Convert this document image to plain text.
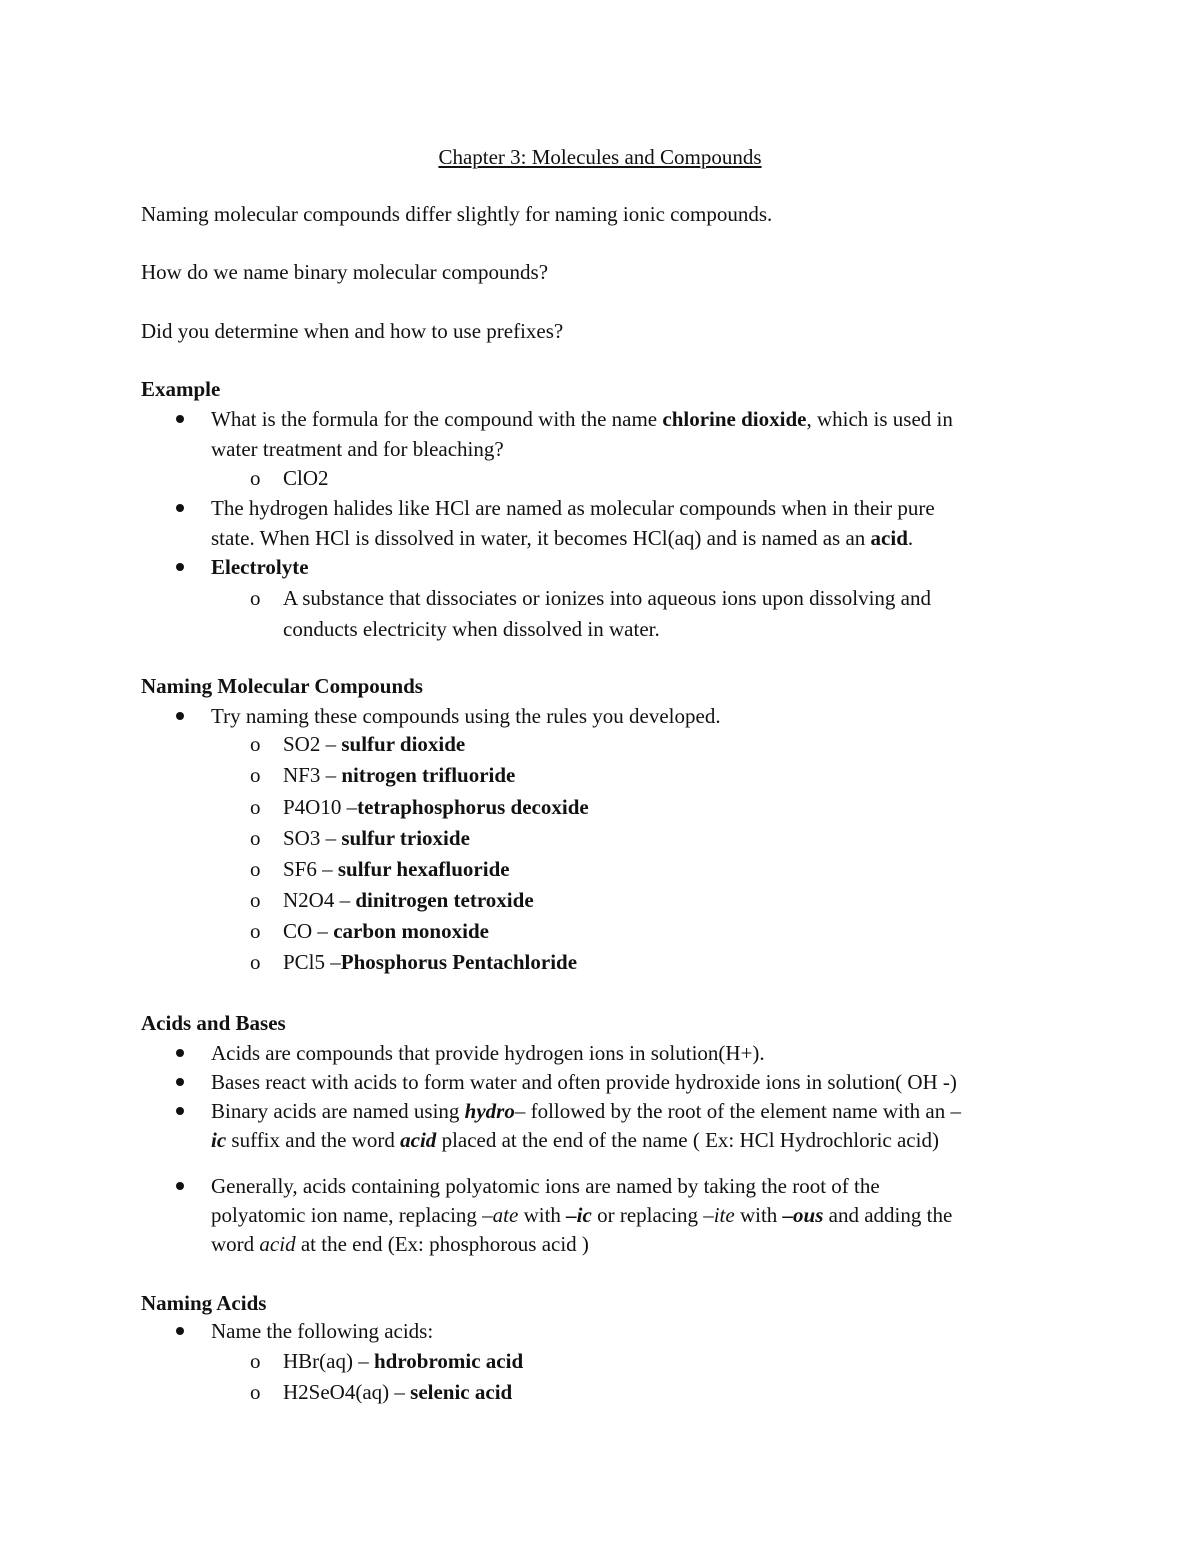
Chapter 3: Molecules and Compounds
Naming molecular compounds differ slightly for naming ionic compounds.
How do we name binary molecular compounds?
Did you determine when and how to use prefixes?
Example
What is the formula for the compound with the name chlorine dioxide, which is used in
water treatment and for bleaching?
o ClO2
The hydrogen halides like HCl are named as molecular compounds when in their pure
state. When HCl is dissolved in water, it becomes HCl(aq) and is named as an acid.
Electrolyte
o A substance that dissociates or ionizes into aqueous ions upon dissolving and
conducts electricity when dissolved in water.
Naming Molecular Compounds
Try naming these compounds using the rules you developed.
o SO2 – sulfur dioxide
o NF3 – nitrogen trifluoride
o P4O10 –tetraphosphorus decoxide
o SO3 – sulfur trioxide
o SF6 – sulfur hexafluoride
o N2O4 – dinitrogen tetroxide
o CO – carbon monoxide
o PCl5 –Phosphorus Pentachloride
Acids and Bases
Acids are compounds that provide hydrogen ions in solution(H+).
Bases react with acids to form water and often provide hydroxide ions in solution( OH -)
Binary acids are named using hydro– followed by the root of the element name with an –
ic suffix and the word acid placed at the end of the name ( Ex: HCl Hydrochloric acid)
Generally, acids containing polyatomic ions are named by taking the root of the
polyatomic ion name, replacing –ate with –ic or replacing –ite with –ous and adding the
word acid at the end (Ex: phosphorous acid )
Naming Acids
Name the following acids:
o HBr(aq) – hdrobromic acid
o H2SeO4(aq) – selenic acid
